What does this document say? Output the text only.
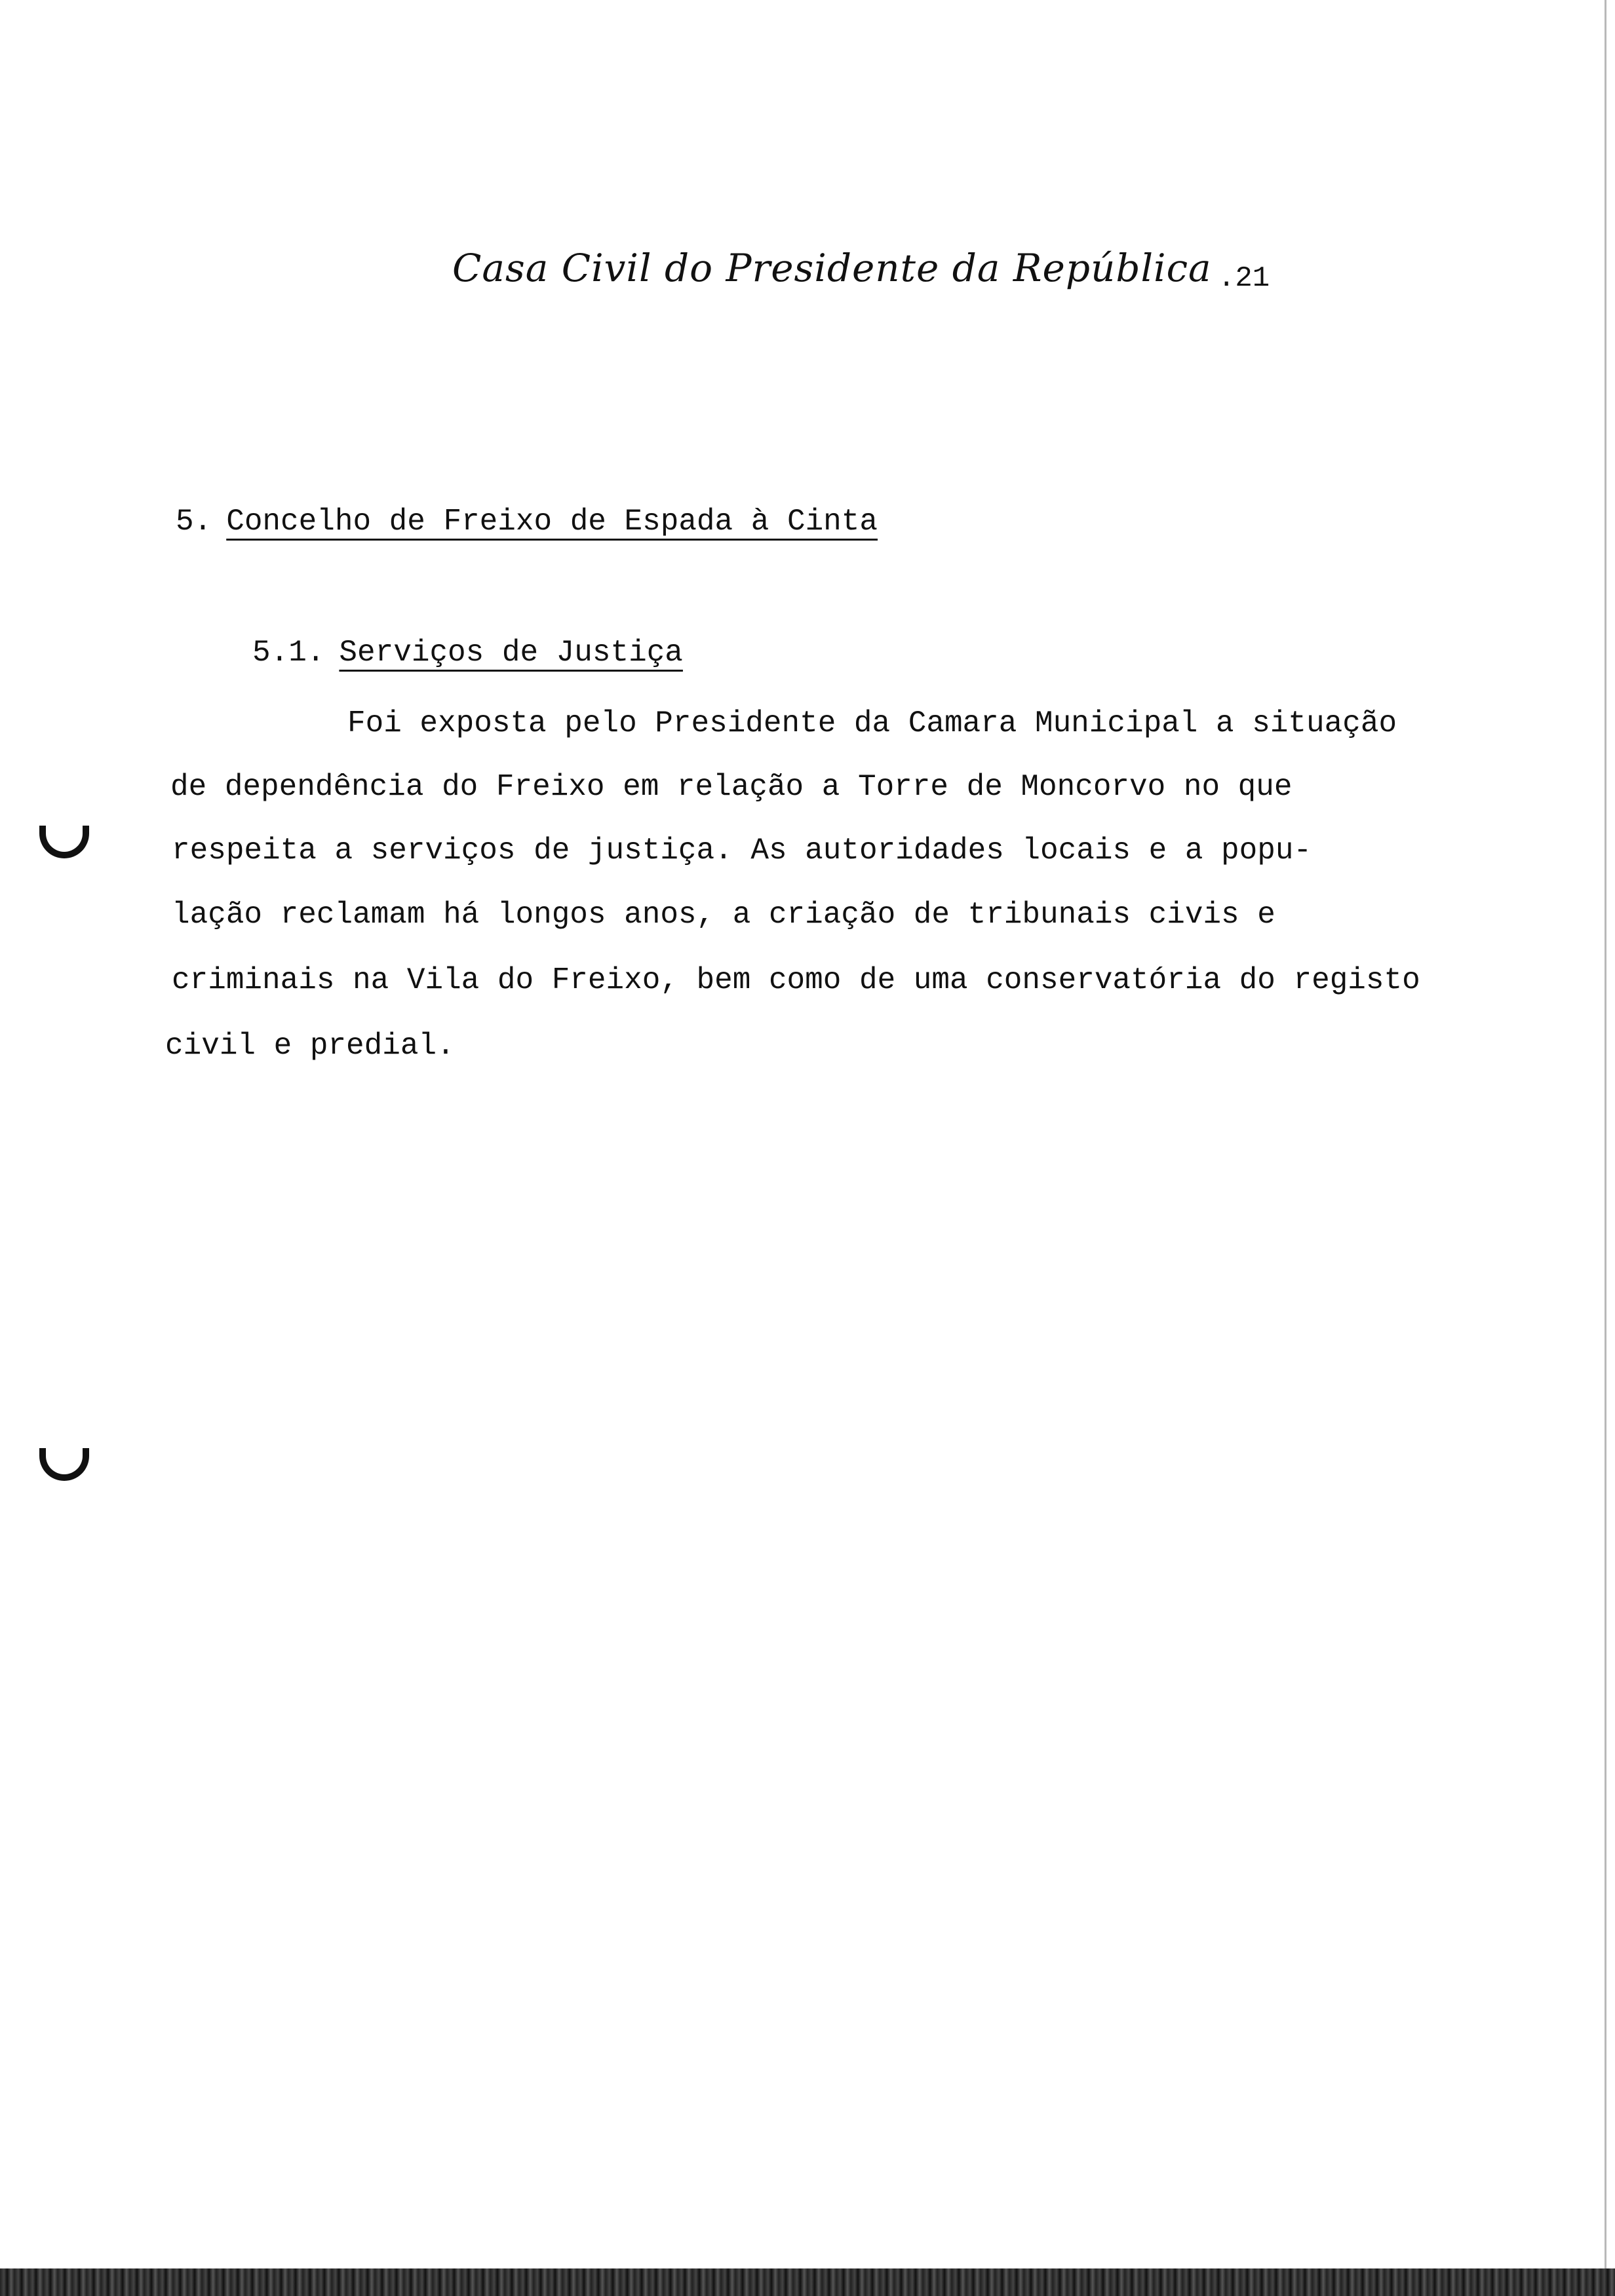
Casa Civil do Presidente da República .21
5. Concelho de Freixo de Espada à Cinta
5.1. Serviços de Justiça
Foi exposta pelo Presidente da Camara Municipal a situação
de dependência do Freixo em relação a Torre de Moncorvo no que
respeita a serviços de justiça. As autoridades locais e a popu-
lação reclamam há longos anos, a criação de tribunais civis e
criminais na Vila do Freixo, bem como de uma conservatória do registo
civil e predial.
